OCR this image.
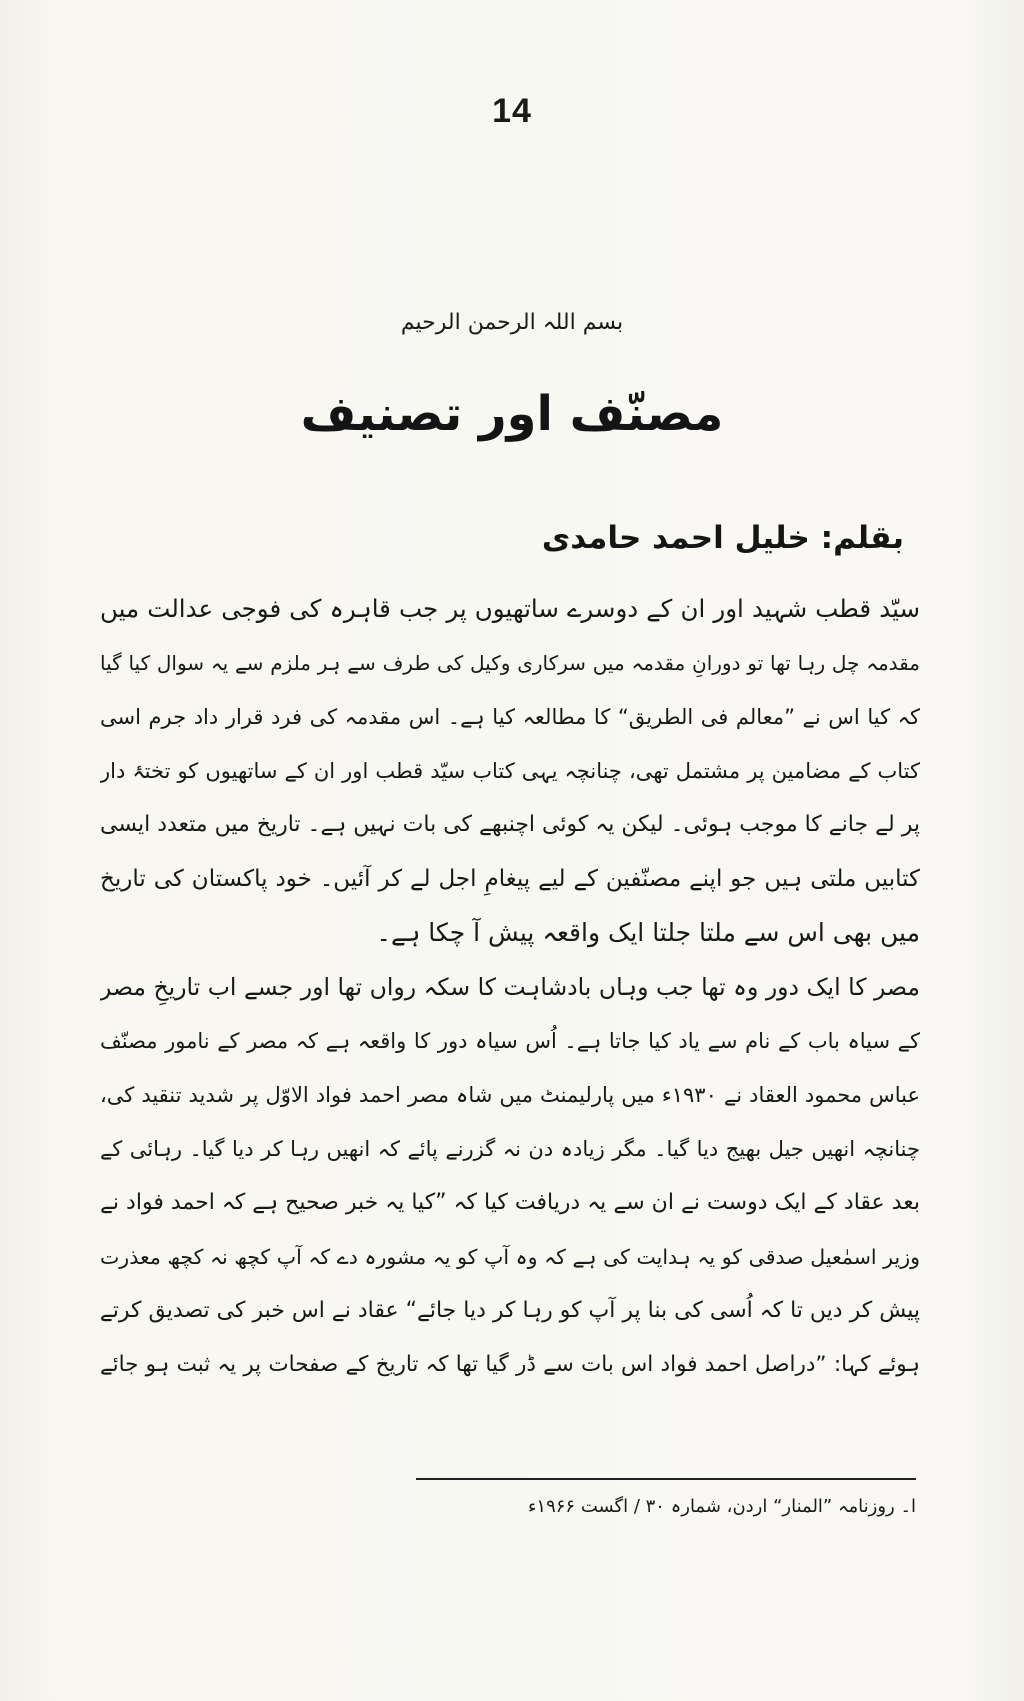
14
بسم اللہ الرحمن الرحیم
مصنّف اور تصنیف
بقلم: خلیل احمد حامدی
سیّد قطب شہید اور ان کے دوسرے ساتھیوں پر جب قاہرہ کی فوجی عدالت میں
مقدمہ چل رہا تھا تو دورانِ مقدمہ میں سرکاری وکیل کی طرف سے ہر ملزم سے یہ سوال کیا گیا
کہ کیا اس نے ”معالم فی الطریق“ کا مطالعہ کیا ہے۔ اس مقدمہ کی فرد قرار داد جرم اسی
کتاب کے مضامین پر مشتمل تھی، چنانچہ یہی کتاب سیّد قطب اور ان کے ساتھیوں کو تختۂ دار
پر لے جانے کا موجب ہوئی۔ لیکن یہ کوئی اچنبھے کی بات نہیں ہے۔ تاریخ میں متعدد ایسی
کتابیں ملتی ہیں جو اپنے مصنّفین کے لیے پیغامِ اجل لے کر آئیں۔ خود پاکستان کی تاریخ
میں بھی اس سے ملتا جلتا ایک واقعہ پیش آ چکا ہے۔
مصر کا ایک دور وہ تھا جب وہاں بادشاہت کا سکہ رواں تھا اور جسے اب تاریخِ مصر
کے سیاہ باب کے نام سے یاد کیا جاتا ہے۔ اُس سیاہ دور کا واقعہ ہے کہ مصر کے نامور مصنّف
عباس محمود العقاد نے ۱۹۳۰ء میں پارلیمنٹ میں شاہ مصر احمد فواد الاوّل پر شدید تنقید کی،
چنانچہ انھیں جیل بھیج دیا گیا۔ مگر زیادہ دن نہ گزرنے پائے کہ انھیں رہا کر دیا گیا۔ رہائی کے
بعد عقاد کے ایک دوست نے ان سے یہ دریافت کیا کہ ”کیا یہ خبر صحیح ہے کہ احمد فواد نے
وزیر اسمٰعیل صدقی کو یہ ہدایت کی ہے کہ وہ آپ کو یہ مشورہ دے کہ آپ کچھ نہ کچھ معذرت
پیش کر دیں تا کہ اُسی کی بنا پر آپ کو رہا کر دیا جائے“ عقاد نے اس خبر کی تصدیق کرتے
ہوئے کہا: ”دراصل احمد فواد اس بات سے ڈر گیا تھا کہ تاریخ کے صفحات پر یہ ثبت ہو جائے
ا۔ روزنامہ ”المنار“ اردن، شمارہ ۳۰ / اگست ۱۹۶۶ء
